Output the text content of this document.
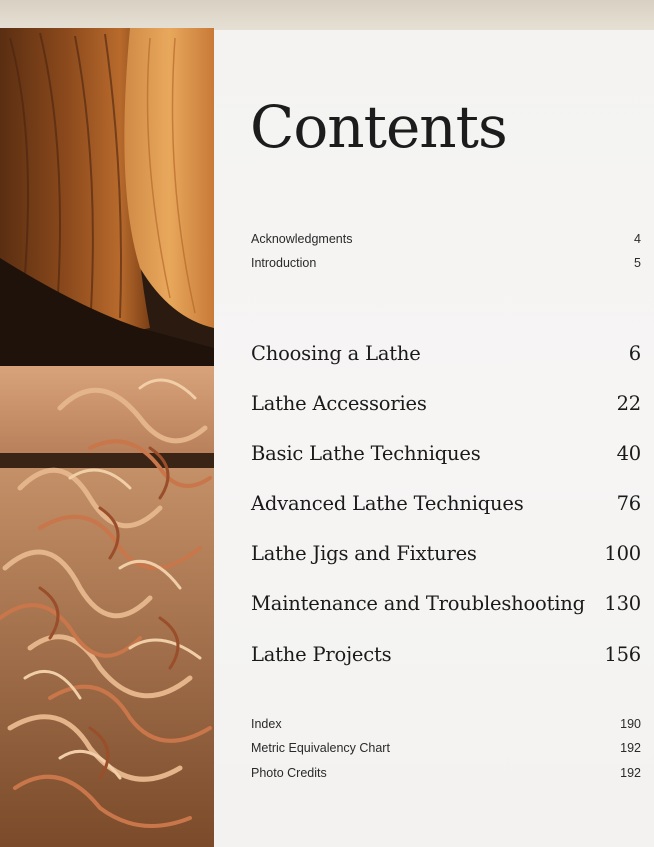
Contents
Acknowledgments	4
Introduction	5
Choosing a Lathe	6
Lathe Accessories	22
Basic Lathe Techniques	40
Advanced Lathe Techniques	76
Lathe Jigs and Fixtures	100
Maintenance and Troubleshooting 130
Lathe Projects	156
Index	190
Metric Equivalency Chart	192
Photo Credits	192
